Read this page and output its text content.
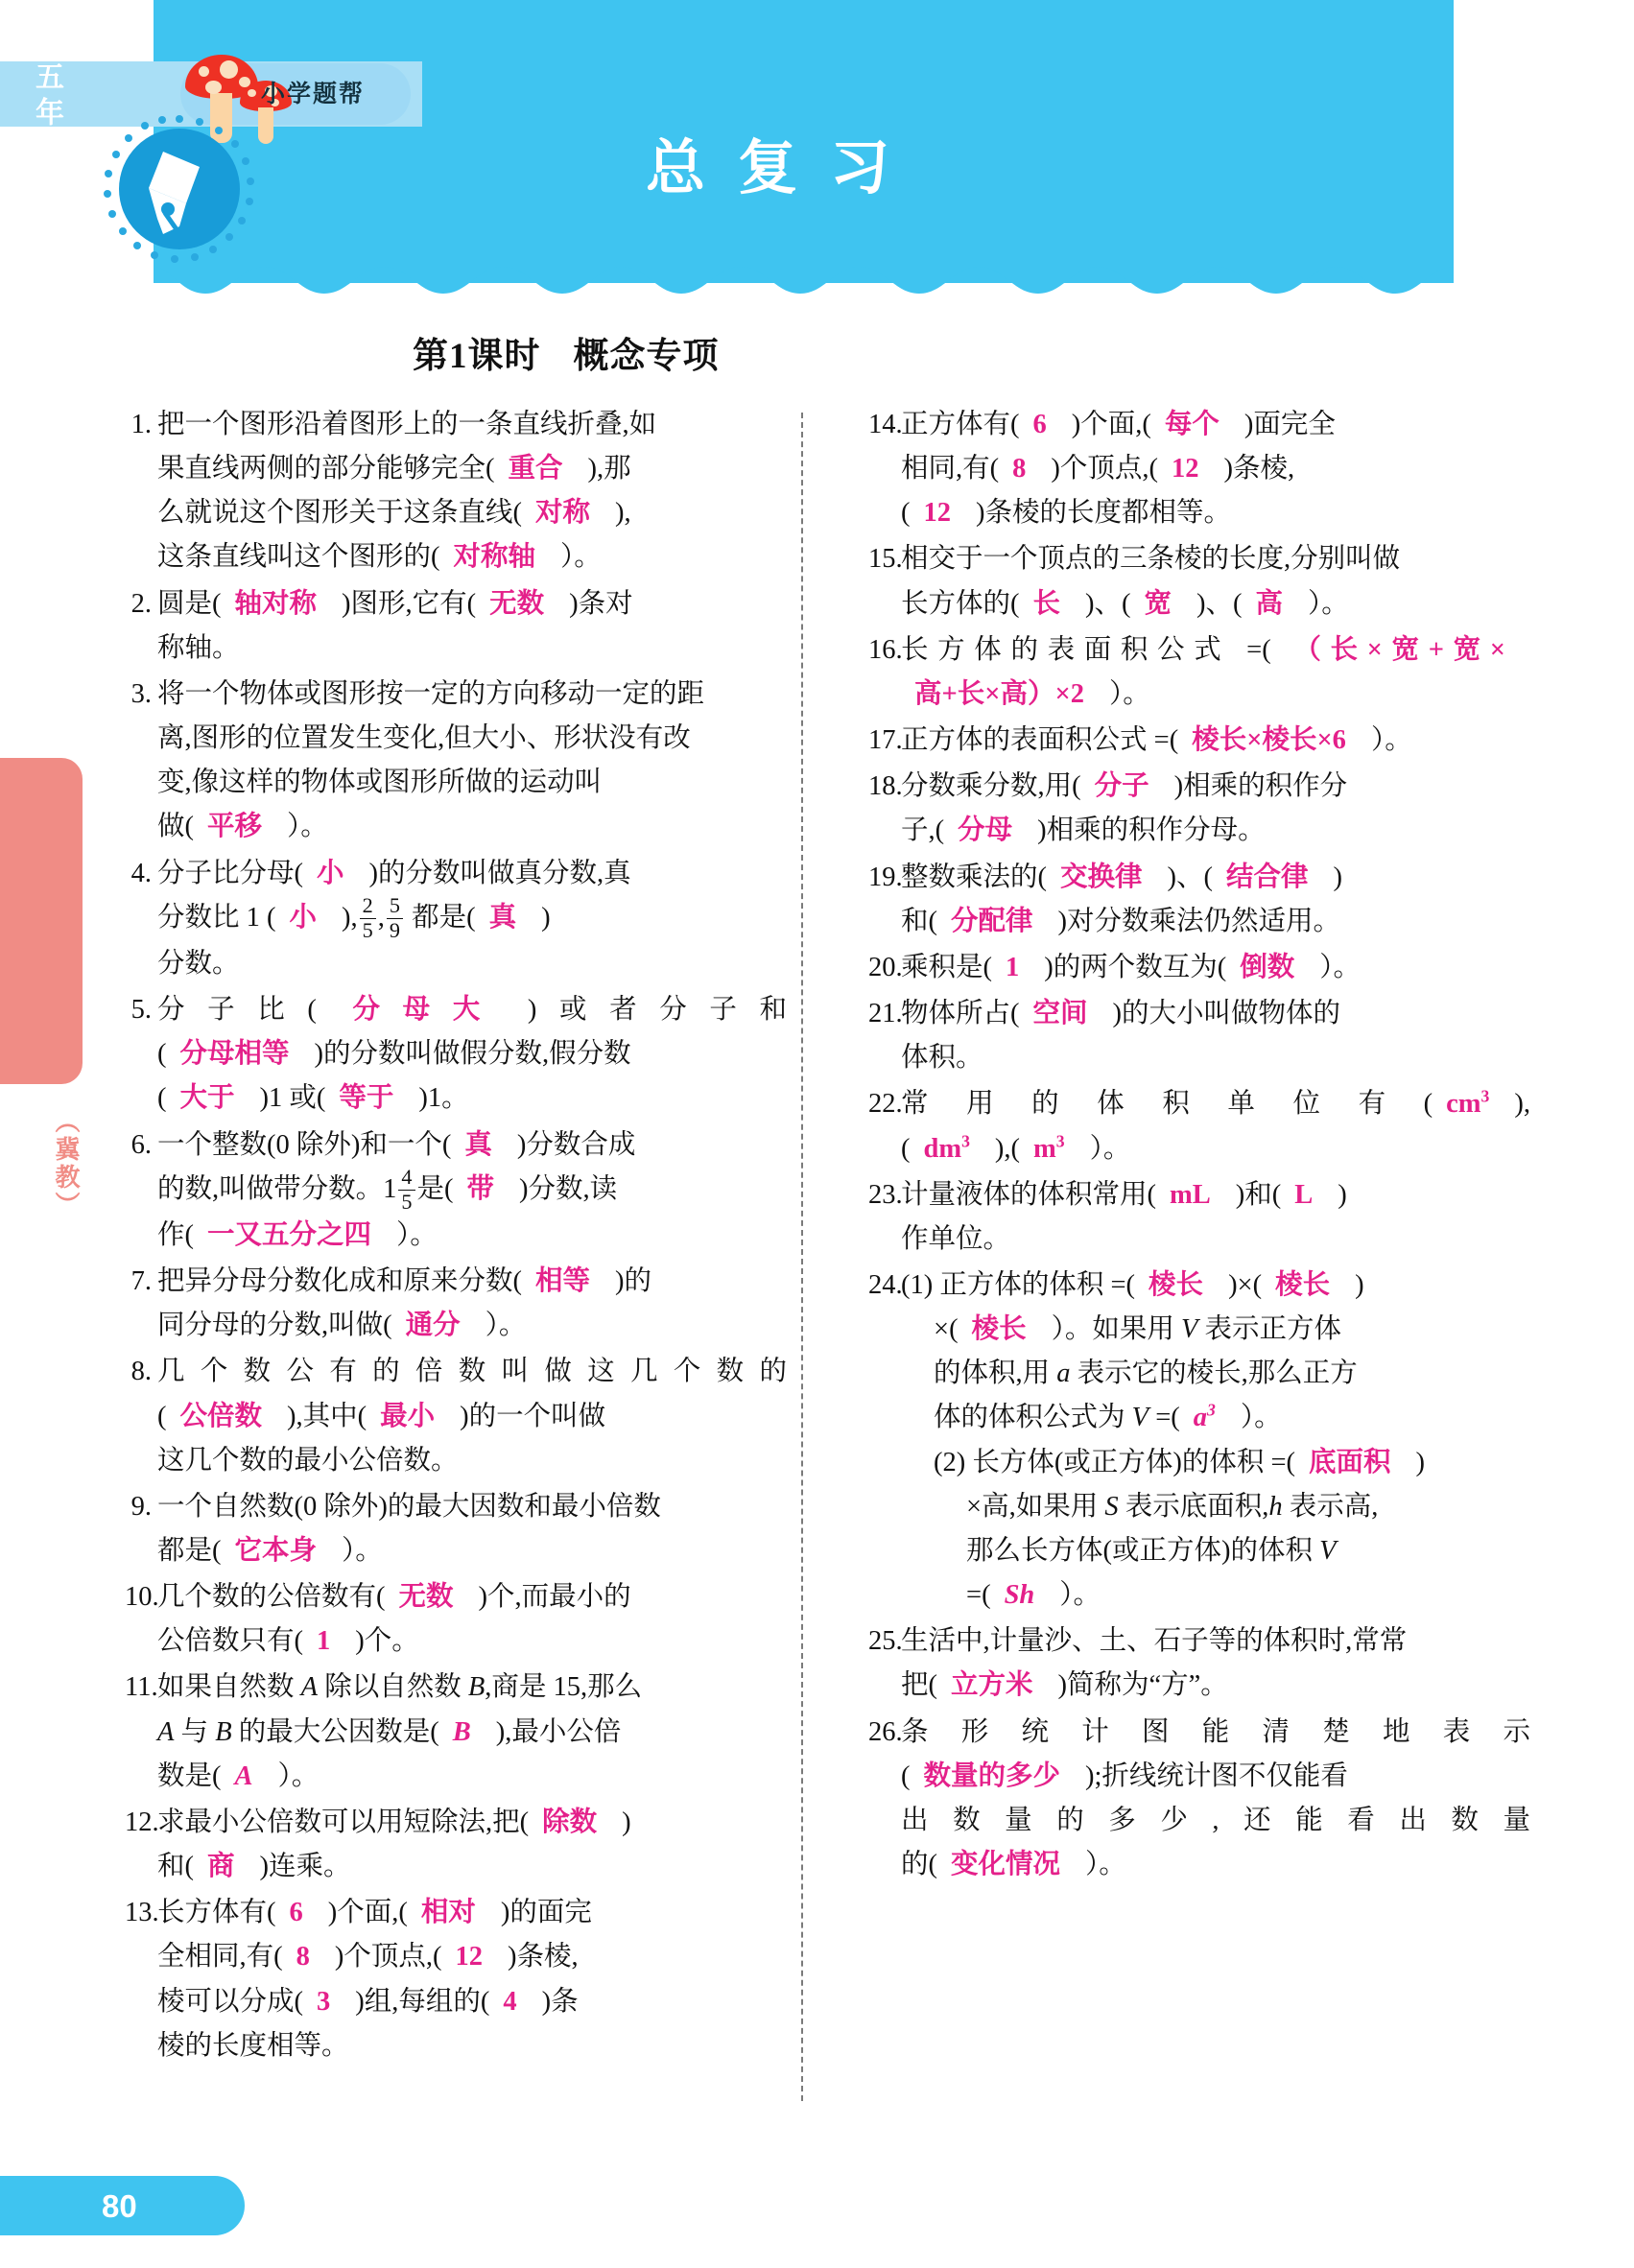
小学题帮
总复习
第1课时 概念专项
五年级数学·下
（冀教）
1. 把一个图形沿着图形上的一条直线折叠,如
果直线两侧的部分能够完全( 重合 ),那
么就说这个图形关于这条直线( 对称 ),
这条直线叫这个图形的( 对称轴 ）。
2. 圆是( 轴对称 )图形,它有( 无数 )条对
称轴。
3. 将一个物体或图形按一定的方向移动一定的距
离,图形的位置发生变化,但大小、形状没有改
变,像这样的物体或图形所做的运动叫
做( 平移 ）。
4. 分子比分母( 小 )的分数叫做真分数,真
分数比 1 ( 小 ), $\frac{2}{5}$ , $\frac{5}{9}$ 都是( 真 )
分数。
5. 分子比( 分母大 )或者分子和
( 分母相等 )的分数叫做假分数,假分数
( 大于 )1 或( 等于 )1。
6. 一个整数(0 除外)和一个( 真 )分数合成
的数,叫做带分数。$1 \frac{4}{5}$ 是( 带 )分数,读
作( 一又五分之四 ）。
7. 把异分母分数化成和原来分数( 相等 )的
同分母的分数,叫做( 通分 ）。
8. 几个数公有的倍数叫做这几个数的
( 公倍数 ),其中( 最小 )的一个叫做
这几个数的最小公倍数。
9. 一个自然数(0 除外)的最大因数和最小倍数
都是( 它本身 ）。
10.
几个数的公倍数有( 无数 )个,而最小的
公倍数只有( 1 )个。
11. 如果自然数 A 除以自然数 B,商是 15,那么
A 与 B 的最大公因数是( B ),最小公倍
数是( A ）。
12.
求最小公倍数可以用短除法,把( 除数 )
和( 商 )连乘。
13.
长方体有( 6 )个面,( 相对 )的面完
全相同,有( 8 )个顶点,( 12 )条棱,
棱可以分成( 3 )组,每组的( 4 )条
棱的长度相等。
14.
正方体有( 6 )个面,( 每个 )面完全
相同,有( 8 )个顶点,( 12 )条棱,
( 12 )条棱的长度都相等。
15.
相交于一个顶点的三条棱的长度,分别叫做
长方体的( 长 )、( 宽 )、( 高 ）。
16.
长方体的表面积公式 =( （长×宽+宽×
高+长×高）×2 ）。
17.
正方体的表面积公式 =( 棱长×棱长×6 ）。
18.
分数乘分数,用( 分子 )相乘的积作分
子,( 分母 )相乘的积作分母。
19.
整数乘法的( 交换律 )、( 结合律 )
和( 分配律 )对分数乘法仍然适用。
20.
乘积是( 1 )的两个数互为( 倒数 ）。
21.
物体所占( 空间 )的大小叫做物体的
体积。
22.
常用的体积单位有( $cm^3$ ),
( $dm^3$ ),( $m^3$ ）。
23.
计量液体的体积常用( mL )和( L )
作单位。
24.
(1) 正方体的体积 =( 棱长 )×( 棱长 )
×( 棱长 ）。如果用 V 表示正方体
的体积,用 a 表示它的棱长,那么正方
体的体积公式为 V =( $a^3$ ）。
(2) 长方体(或正方体)的体积 =( 底面积 )
×高,如果用 S 表示底面积,h 表示高,
那么长方体(或正方体)的体积 V
=( Sh ）。
25.
生活中,计量沙、土、石子等的体积时,常常
把( 立方米 )简称为“方”。
26.
条形统计图能清楚地表示
( 数量的多少 );折线统计图不仅能看
出数量的多少,还能看出数量
的( 变化情况 ）。
80
